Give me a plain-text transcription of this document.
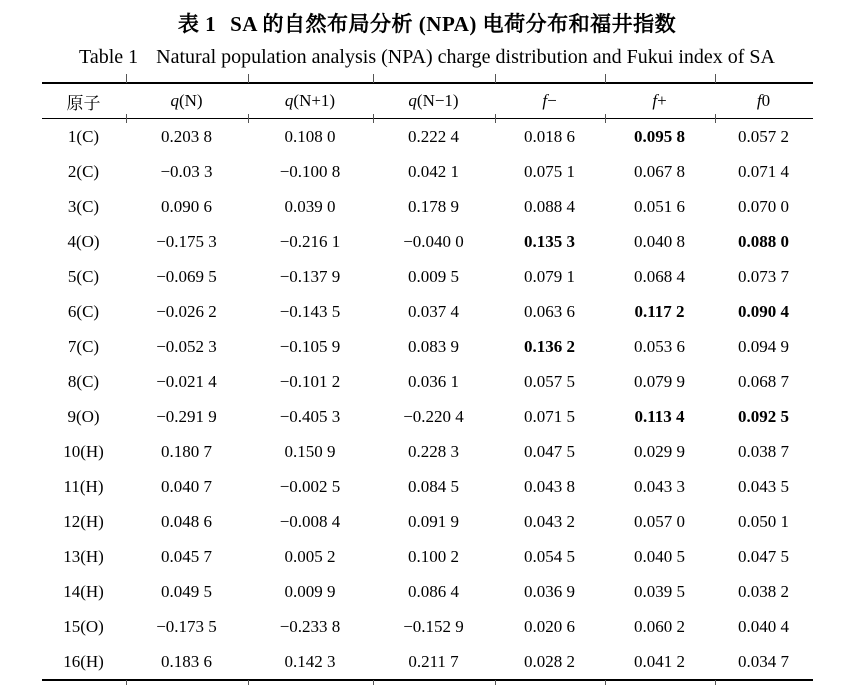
表 1 SA 的自然布局分析 (NPA) 电荷分布和福井指数
Table 1 Natural population analysis (NPA) charge distribution and Fukui index of SA
原子	q(N)	q(N+1)	q(N−1)	f−	f+	f0
1(C)	0.203 8	0.108 0	0.222 4	0.018 6	0.095 8	0.057 2
2(C)	−0.03 3	−0.100 8	0.042 1	0.075 1	0.067 8	0.071 4
3(C)	0.090 6	0.039 0	0.178 9	0.088 4	0.051 6	0.070 0
4(O)	−0.175 3	−0.216 1	−0.040 0	0.135 3	0.040 8	0.088 0
5(C)	−0.069 5	−0.137 9	0.009 5	0.079 1	0.068 4	0.073 7
6(C)	−0.026 2	−0.143 5	0.037 4	0.063 6	0.117 2	0.090 4
7(C)	−0.052 3	−0.105 9	0.083 9	0.136 2	0.053 6	0.094 9
8(C)	−0.021 4	−0.101 2	0.036 1	0.057 5	0.079 9	0.068 7
9(O)	−0.291 9	−0.405 3	−0.220 4	0.071 5	0.113 4	0.092 5
10(H)	0.180 7	0.150 9	0.228 3	0.047 5	0.029 9	0.038 7
11(H)	0.040 7	−0.002 5	0.084 5	0.043 8	0.043 3	0.043 5
12(H)	0.048 6	−0.008 4	0.091 9	0.043 2	0.057 0	0.050 1
13(H)	0.045 7	0.005 2	0.100 2	0.054 5	0.040 5	0.047 5
14(H)	0.049 5	0.009 9	0.086 4	0.036 9	0.039 5	0.038 2
15(O)	−0.173 5	−0.233 8	−0.152 9	0.020 6	0.060 2	0.040 4
16(H)	0.183 6	0.142 3	0.211 7	0.028 2	0.041 2	0.034 7
